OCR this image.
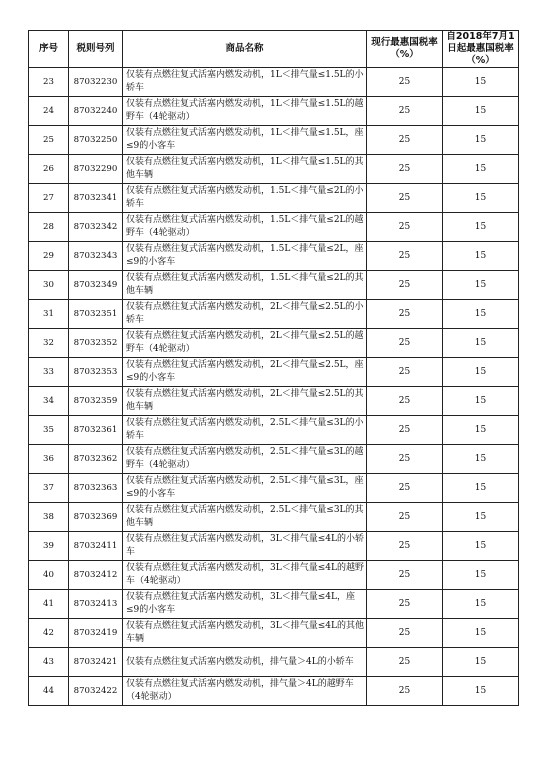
序号	税则号列	商品名称	现行最惠国税率（%）	自2018年7月1日起最惠国税率（%）
23	87032230	仅装有点燃往复式活塞内燃发动机，1L＜排气量≤1.5L的小轿车	25	15
24	87032240	仅装有点燃往复式活塞内燃发动机，1L＜排气量≤1.5L的越野车（4轮驱动）	25	15
25	87032250	仅装有点燃往复式活塞内燃发动机，1L＜排气量≤1.5L，座≤9的小客车	25	15
26	87032290	仅装有点燃往复式活塞内燃发动机，1L＜排气量≤1.5L的其他车辆	25	15
27	87032341	仅装有点燃往复式活塞内燃发动机，1.5L＜排气量≤2L的小轿车	25	15
28	87032342	仅装有点燃往复式活塞内燃发动机，1.5L＜排气量≤2L的越野车（4轮驱动）	25	15
29	87032343	仅装有点燃往复式活塞内燃发动机，1.5L＜排气量≤2L，座≤9的小客车	25	15
30	87032349	仅装有点燃往复式活塞内燃发动机，1.5L＜排气量≤2L的其他车辆	25	15
31	87032351	仅装有点燃往复式活塞内燃发动机，2L＜排气量≤2.5L的小轿车	25	15
32	87032352	仅装有点燃往复式活塞内燃发动机，2L＜排气量≤2.5L的越野车（4轮驱动）	25	15
33	87032353	仅装有点燃往复式活塞内燃发动机，2L＜排气量≤2.5L，座≤9的小客车	25	15
34	87032359	仅装有点燃往复式活塞内燃发动机，2L＜排气量≤2.5L的其他车辆	25	15
35	87032361	仅装有点燃往复式活塞内燃发动机，2.5L＜排气量≤3L的小轿车	25	15
36	87032362	仅装有点燃往复式活塞内燃发动机，2.5L＜排气量≤3L的越野车（4轮驱动）	25	15
37	87032363	仅装有点燃往复式活塞内燃发动机，2.5L＜排气量≤3L，座≤9的小客车	25	15
38	87032369	仅装有点燃往复式活塞内燃发动机，2.5L＜排气量≤3L的其他车辆	25	15
39	87032411	仅装有点燃往复式活塞内燃发动机，3L＜排气量≤4L的小轿车	25	15
40	87032412	仅装有点燃往复式活塞内燃发动机，3L＜排气量≤4L的越野车（4轮驱动）	25	15
41	87032413	仅装有点燃往复式活塞内燃发动机，3L＜排气量≤4L，座≤9的小客车	25	15
42	87032419	仅装有点燃往复式活塞内燃发动机，3L＜排气量≤4L的其他车辆	25	15
43	87032421	仅装有点燃往复式活塞内燃发动机，排气量＞4L的小轿车	25	15
44	87032422	仅装有点燃往复式活塞内燃发动机，排气量＞4L的越野车（4轮驱动）	25	15
